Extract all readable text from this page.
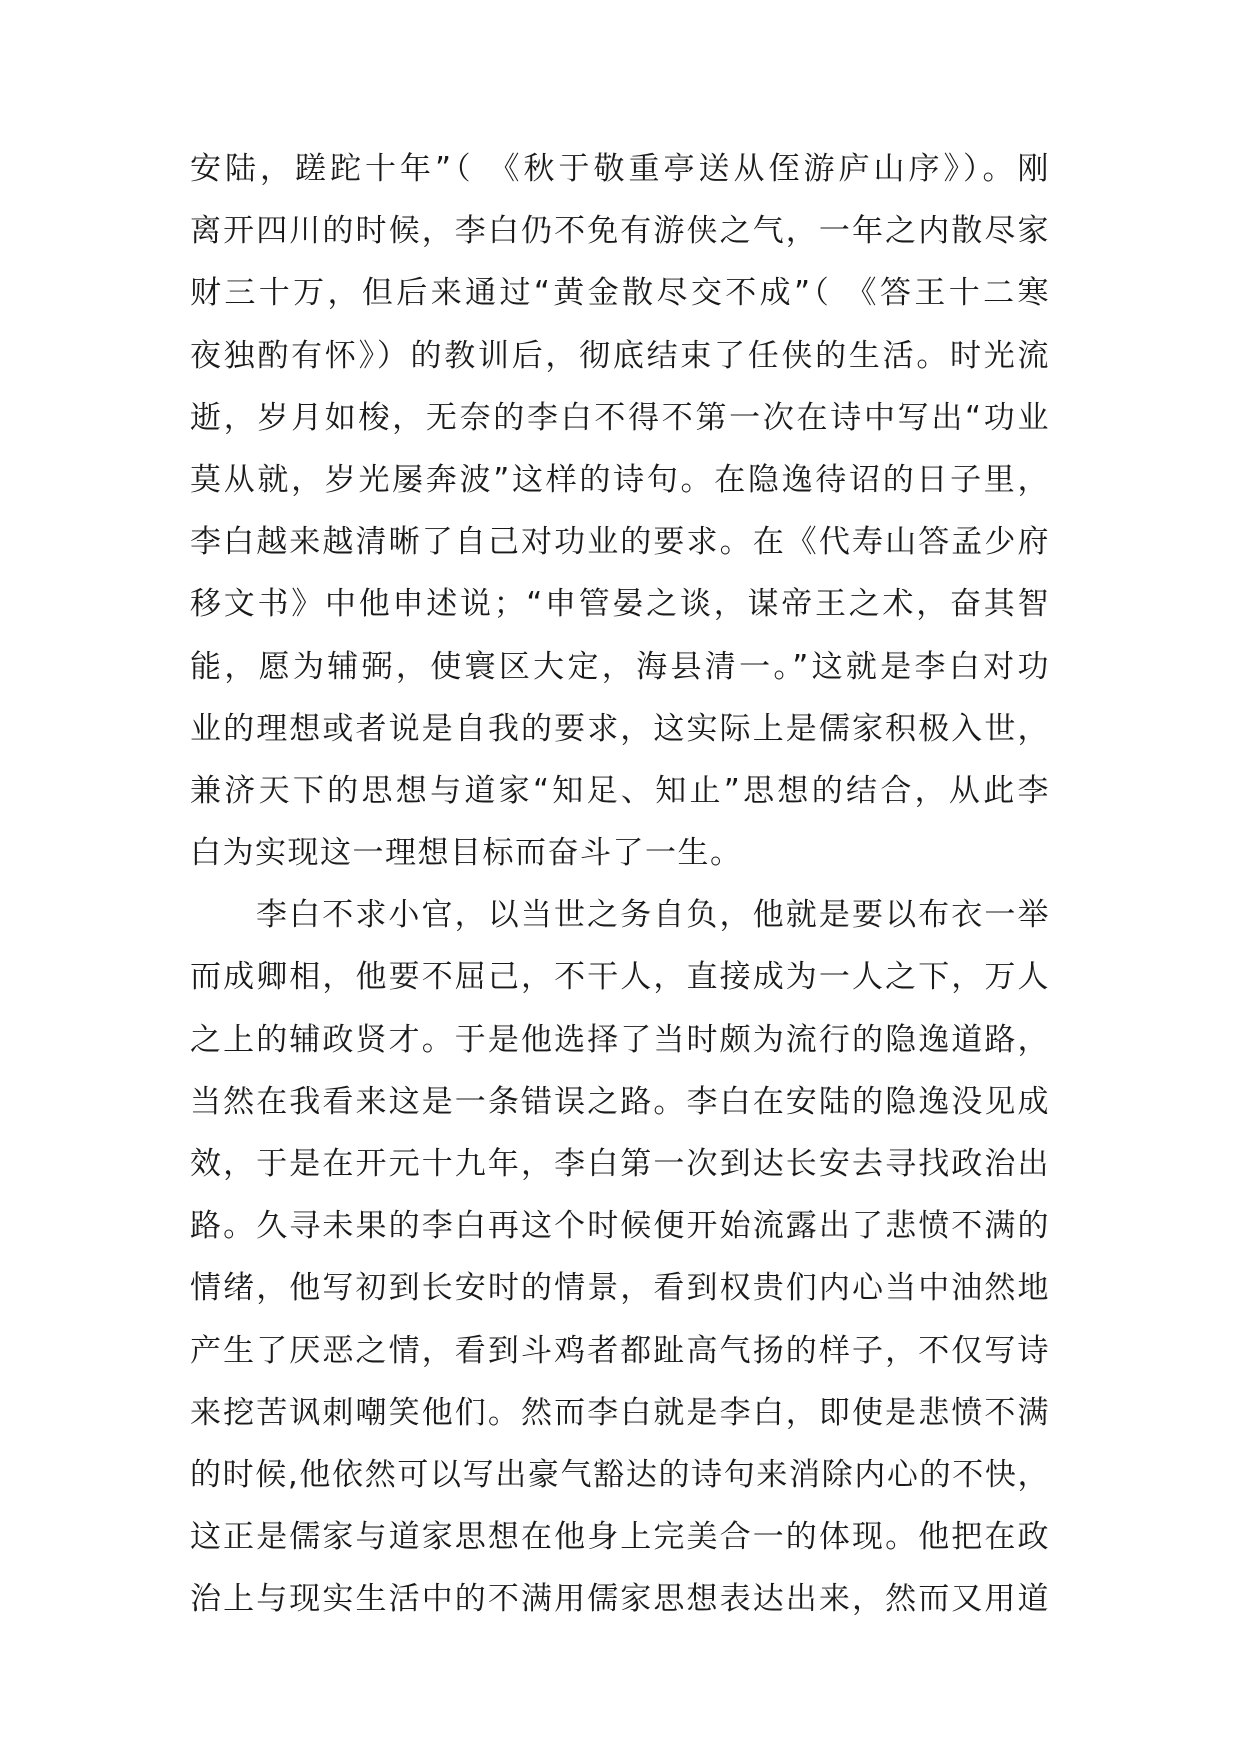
安陆，蹉跎十年”（ 《秋于敬重亭送从侄游庐山序》）。刚
离开四川的时候，李白仍不免有游侠之气，一年之内散尽家
财三十万，但后来通过“黄金散尽交不成”（ 《答王十二寒
夜独酌有怀》）的教训后，彻底结束了任侠的生活。时光流
逝，岁月如梭，无奈的李白不得不第一次在诗中写出“功业
莫从就，岁光屡奔波”这样的诗句。在隐逸待诏的日子里，
李白越来越清晰了自己对功业的要求。在《代寿山答孟少府
移文书》中他申述说；“申管晏之谈，谋帝王之术，奋其智
能，愿为辅弼，使寰区大定，海县清一。”这就是李白对功
业的理想或者说是自我的要求，这实际上是儒家积极入世，
兼济天下的思想与道家“知足、知止”思想的结合，从此李
白为实现这一理想目标而奋斗了一生。
李白不求小官，以当世之务自负，他就是要以布衣一举
而成卿相，他要不屈己，不干人，直接成为一人之下，万人
之上的辅政贤才。于是他选择了当时颇为流行的隐逸道路，
当然在我看来这是一条错误之路。李白在安陆的隐逸没见成
效，于是在开元十九年，李白第一次到达长安去寻找政治出
路。久寻未果的李白再这个时候便开始流露出了悲愤不满的
情绪，他写初到长安时的情景，看到权贵们内心当中油然地
产生了厌恶之情，看到斗鸡者都趾高气扬的样子，不仅写诗
来挖苦讽刺嘲笑他们。然而李白就是李白，即使是悲愤不满
的时候,他依然可以写出豪气豁达的诗句来消除内心的不快，
这正是儒家与道家思想在他身上完美合一的体现。他把在政
治上与现实生活中的不满用儒家思想表达出来，然而又用道
